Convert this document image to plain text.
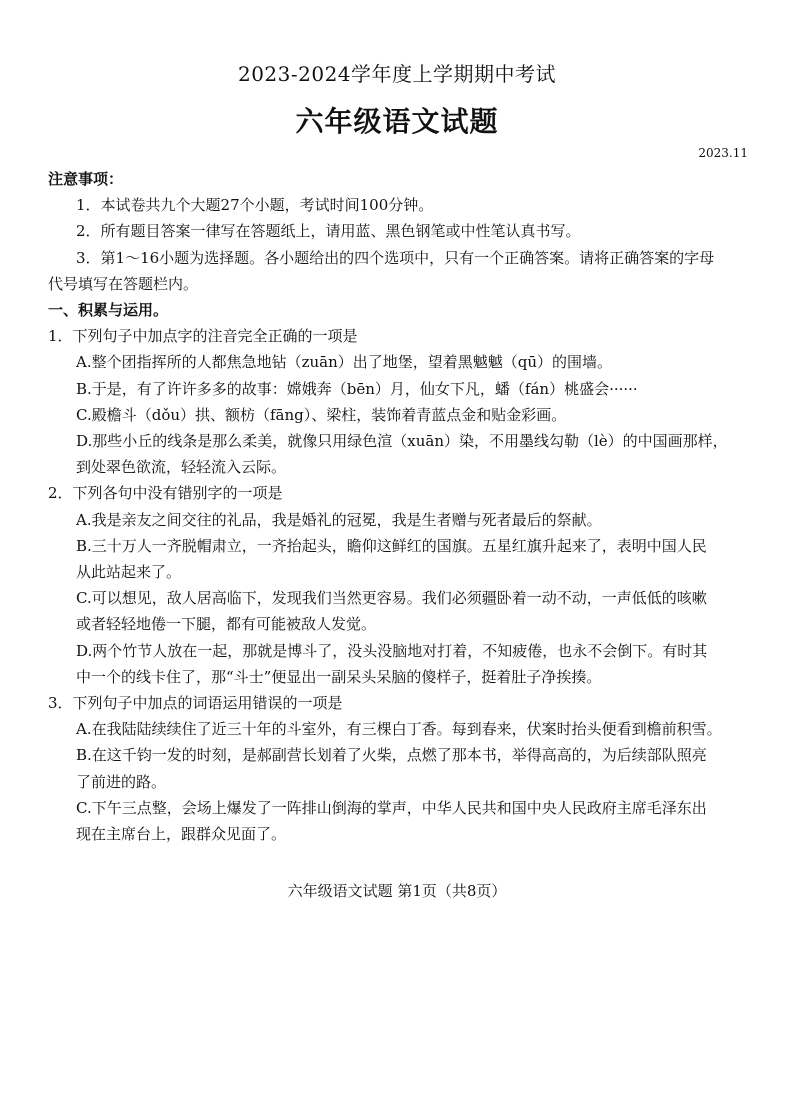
2023-2024学年度上学期期中考试
六年级语文试题
2023.11
注意事项：
1．本试卷共九个大题27个小题，考试时间100分钟。
2．所有题目答案一律写在答题纸上，请用蓝、黑色钢笔或中性笔认真书写。
3．第1～16小题为选择题。各小题给出的四个选项中，只有一个正确答案。请将正确答案的字母
代号填写在答题栏内。
一、积累与运用。
1．下列句子中加点字的注音完全正确的一项是
A.整个团指挥所的人都焦急地钻（zuān）出了地堡，望着黑魆魆（qū）的围墙。
B.于是，有了许许多多的故事：嫦娥奔（bēn）月，仙女下凡，蟠（fán）桃盛会······
C.殿檐斗（dǒu）拱、额枋（fāng）、梁柱，装饰着青蓝点金和贴金彩画。
D.那些小丘的线条是那么柔美，就像只用绿色渲（xuān）染，不用墨线勾勒（lè）的中国画那样，
到处翠色欲流，轻轻流入云际。
2．下列各句中没有错别字的一项是
A.我是亲友之间交往的礼品，我是婚礼的冠冕，我是生者赠与死者最后的祭献。
B.三十万人一齐脱帽肃立，一齐抬起头，瞻仰这鲜红的国旗。五星红旗升起来了，表明中国人民
从此站起来了。
C.可以想见，敌人居高临下，发现我们当然更容易。我们必须疆卧着一动不动，一声低低的咳嗽
或者轻轻地倦一下腿，都有可能被敌人发觉。
D.两个竹节人放在一起，那就是博斗了，没头没脑地对打着，不知疲倦，也永不会倒下。有时其
中一个的线卡住了，那“斗士”便显出一副呆头呆脑的傻样子，挺着肚子净挨揍。
3．下列句子中加点的词语运用错误的一项是
A.在我陆陆续续住了近三十年的斗室外，有三棵白丁香。每到春来，伏案时抬头便看到檐前积雪。
B.在这千钧一发的时刻，是郝副营长划着了火柴，点燃了那本书，举得高高的，为后续部队照亮
了前进的路。
C.下午三点整，会场上爆发了一阵排山倒海的掌声，中华人民共和国中央人民政府主席毛泽东出
现在主席台上，跟群众见面了。
六年级语文试题 第1页（共8页）
